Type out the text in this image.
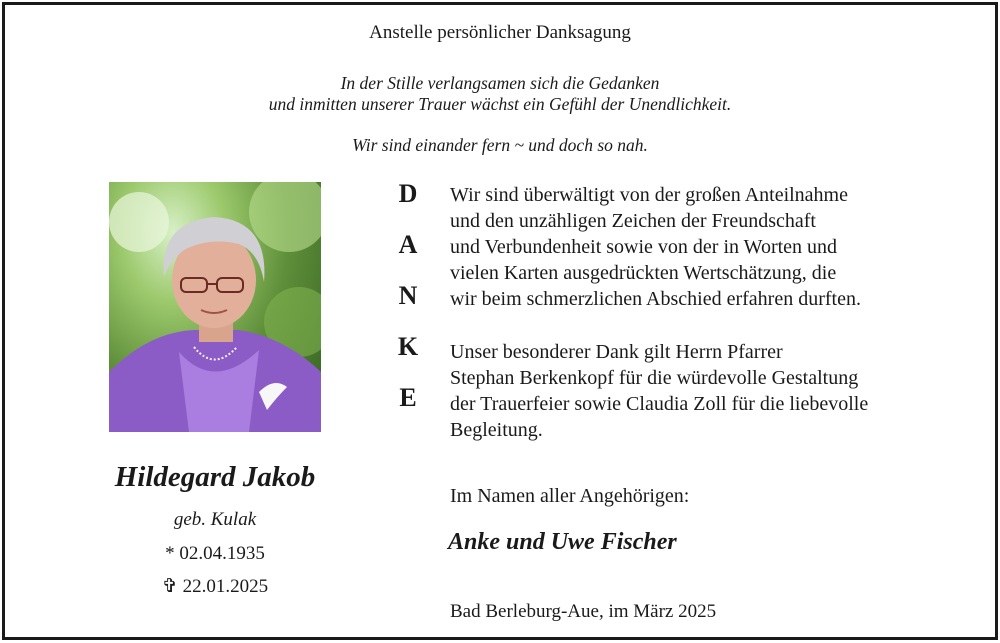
Anstelle persönlicher Danksagung
In der Stille verlangsamen sich die Gedanken
und inmitten unserer Trauer wächst ein Gefühl der Unendlichkeit.
Wir sind einander fern ~ und doch so nah.
Hildegard Jakob
geb. Kulak
* 02.04.1935
✞ 22.01.2025
D
A
N
K
E
Wir sind überwältigt von der großen Anteilnahme
und den unzähligen Zeichen der Freundschaft
und Verbundenheit sowie von der in Worten und
vielen Karten ausgedrückten Wertschätzung, die
wir beim schmerzlichen Abschied erfahren durften.
Unser besonderer Dank gilt Herrn Pfarrer
Stephan Berkenkopf für die würdevolle Gestaltung
der Trauerfeier sowie Claudia Zoll für die liebevolle
Begleitung.
Im Namen aller Angehörigen:
Anke und Uwe Fischer
Bad Berleburg-Aue, im März 2025
